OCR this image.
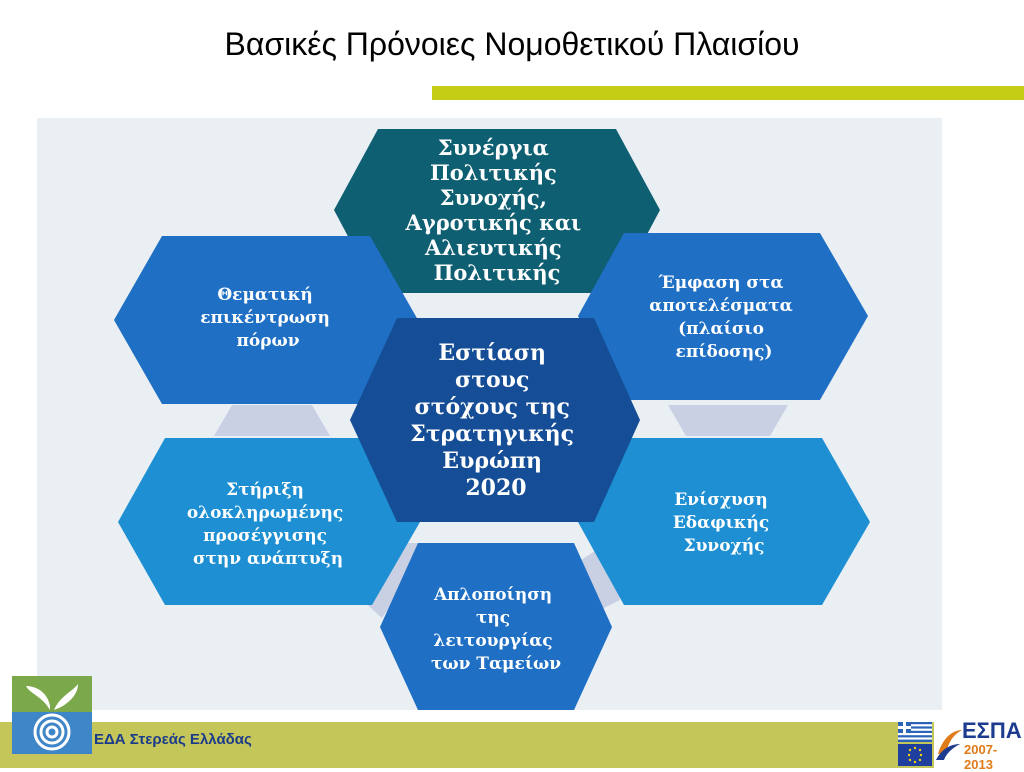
Βασικές Πρόνοιες Νομοθετικού Πλαισίου
Συνέργια Πολιτικής Συνοχής, Αγροτικής και Αλιευτικής Πολιτικής
Θεματική επικέντρωση πόρων
Έμφαση στα αποτελέσματα (πλαίσιο επίδοσης)
Στήριξη ολοκληρωμένης προσέγγισης στην ανάπτυξη
Ενίσχυση Εδαφικής Συνοχής
Απλοποίηση της λειτουργίας των Ταμείων
Εστίαση στους στόχους της Στρατηγικής Ευρώπη 2020
ΕΔΑ Στερεάς Ελλάδας	ΕΣΠΑ
2007-2013
